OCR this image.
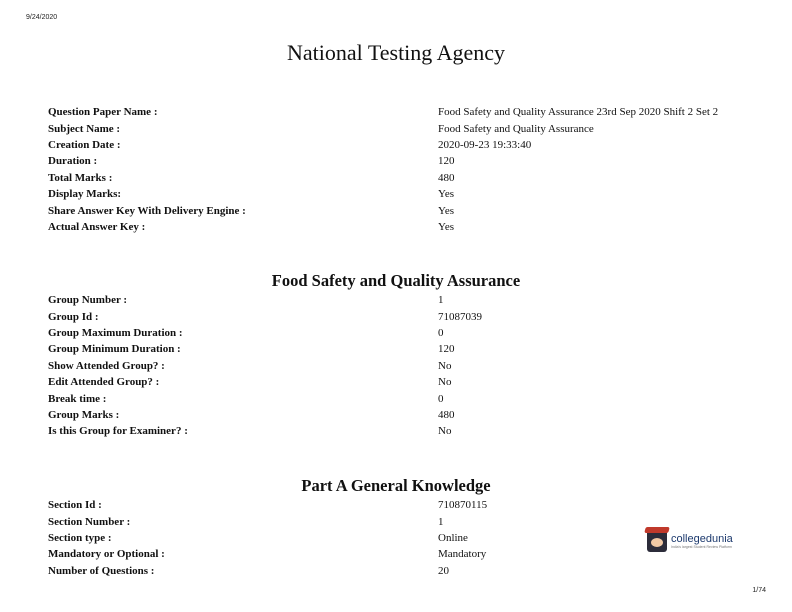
9/24/2020
National Testing Agency
Question Paper Name :	Food Safety and Quality Assurance 23rd Sep 2020 Shift 2 Set 2
Subject Name :	Food Safety and Quality Assurance
Creation Date :	2020-09-23 19:33:40
Duration :	120
Total Marks :	480
Display Marks:	Yes
Share Answer Key With Delivery Engine :	Yes
Actual Answer Key :	Yes
Food Safety and Quality Assurance
Group Number :	1
Group Id :	71087039
Group Maximum Duration :	0
Group Minimum Duration :	120
Show Attended Group? :	No
Edit Attended Group? :	No
Break time :	0
Group Marks :	480
Is this Group for Examiner? :	No
Part A General Knowledge
Section Id :	710870115
Section Number :	1
Section type :	Online
Mandatory or Optional :	Mandatory
Number of Questions :	20
collegedunia
India's largest Student Review Platform
1/74
